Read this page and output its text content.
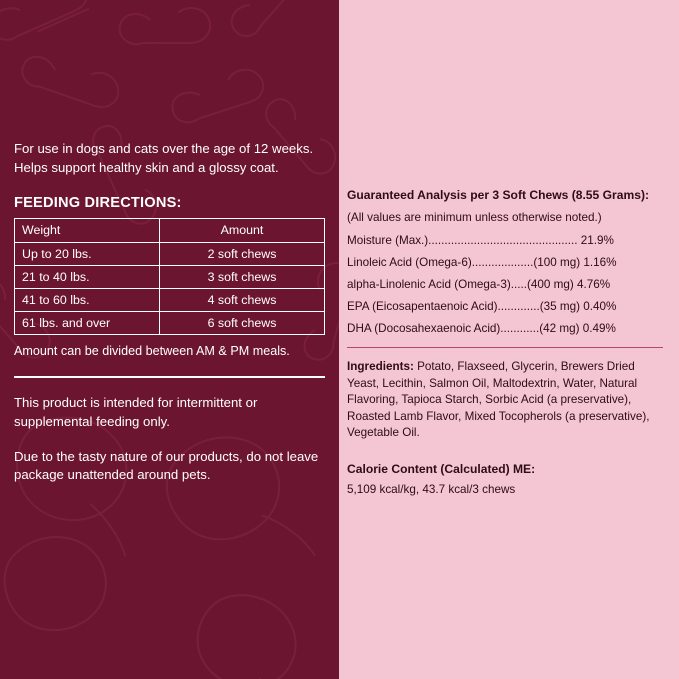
For use in dogs and cats over the age of 12 weeks. Helps support healthy skin and a glossy coat.

FEEDING DIRECTIONS:
Weight	Amount
Up to 20 lbs.	2 soft chews
21 to 40 lbs.	3 soft chews
41 to 60 lbs.	4 soft chews
61 lbs. and over	6 soft chews

Amount can be divided between AM & PM meals.

This product is intended for intermittent or supplemental feeding only.

Due to the tasty nature of our products, do not leave package unattended around pets.

Guaranteed Analysis per 3 Soft Chews (8.55 Grams):

(All values are minimum unless otherwise noted.)

Moisture (Max.).............................................. 21.9%

Linoleic Acid (Omega-6)...................(100 mg) 1.16%

alpha-Linolenic Acid (Omega-3).....(400 mg) 4.76%

EPA (Eicosapentaenoic Acid).............(35 mg) 0.40%

DHA (Docosahexaenoic Acid)............(42 mg) 0.49%

Ingredients: Potato, Flaxseed, Glycerin, Brewers Dried Yeast, Lecithin, Salmon Oil, Maltodextrin, Water, Natural Flavoring, Tapioca Starch, Sorbic Acid (a preservative), Roasted Lamb Flavor, Mixed Tocopherols (a preservative), Vegetable Oil.

Calorie Content (Calculated) ME:

5,109 kcal/kg, 43.7 kcal/3 chews
